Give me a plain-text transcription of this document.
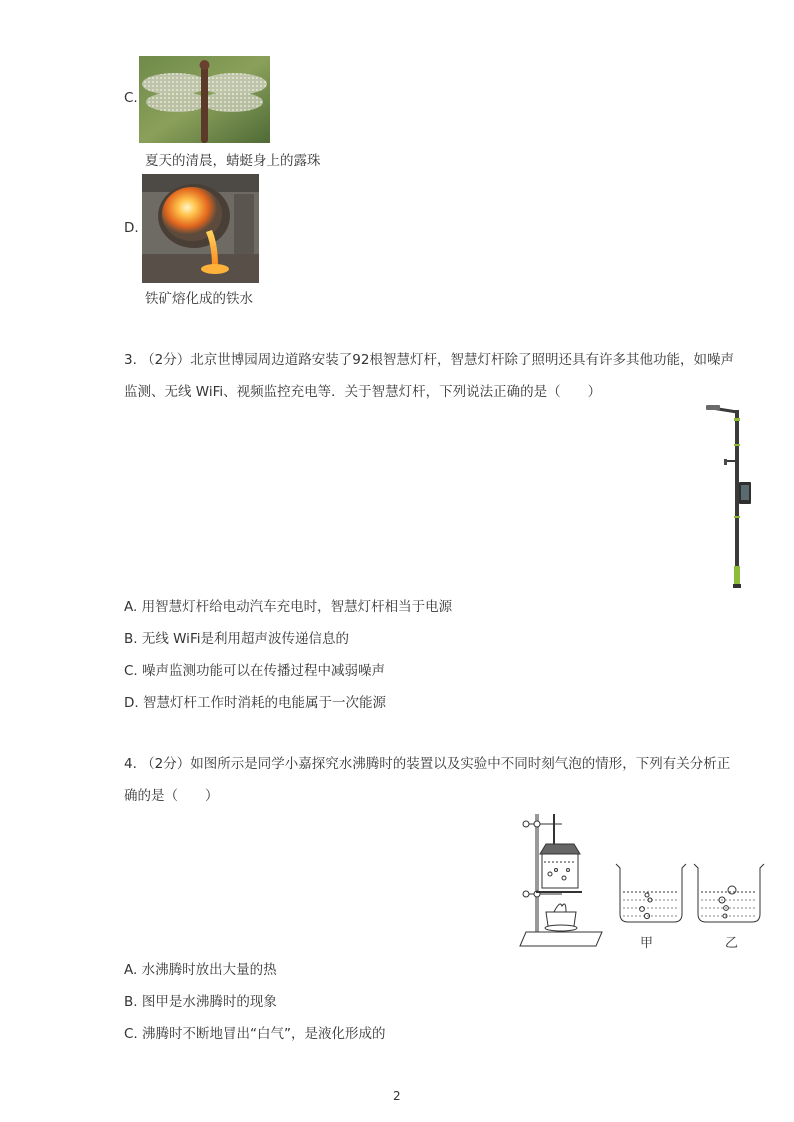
C.
夏天的清晨，蜻蜓身上的露珠
D.
铁矿熔化成的铁水
3. （2分）北京世博园周边道路安装了92根智慧灯杆，智慧灯杆除了照明还具有许多其他功能，如噪声
监测、无线 WiFi、视频监控充电等．关于智慧灯杆，下列说法正确的是（　　）
A. 用智慧灯杆给电动汽车充电时，智慧灯杆相当于电源
B. 无线 WiFi是利用超声波传递信息的
C. 噪声监测功能可以在传播过程中减弱噪声
D. 智慧灯杆工作时消耗的电能属于一次能源
4. （2分）如图所示是同学小嘉探究水沸腾时的装置以及实验中不同时刻气泡的情形，下列有关分析正
确的是（　　）
甲	乙
A. 水沸腾时放出大量的热
B. 图甲是水沸腾时的现象
C. 沸腾时不断地冒出“白气”，是液化形成的
2
